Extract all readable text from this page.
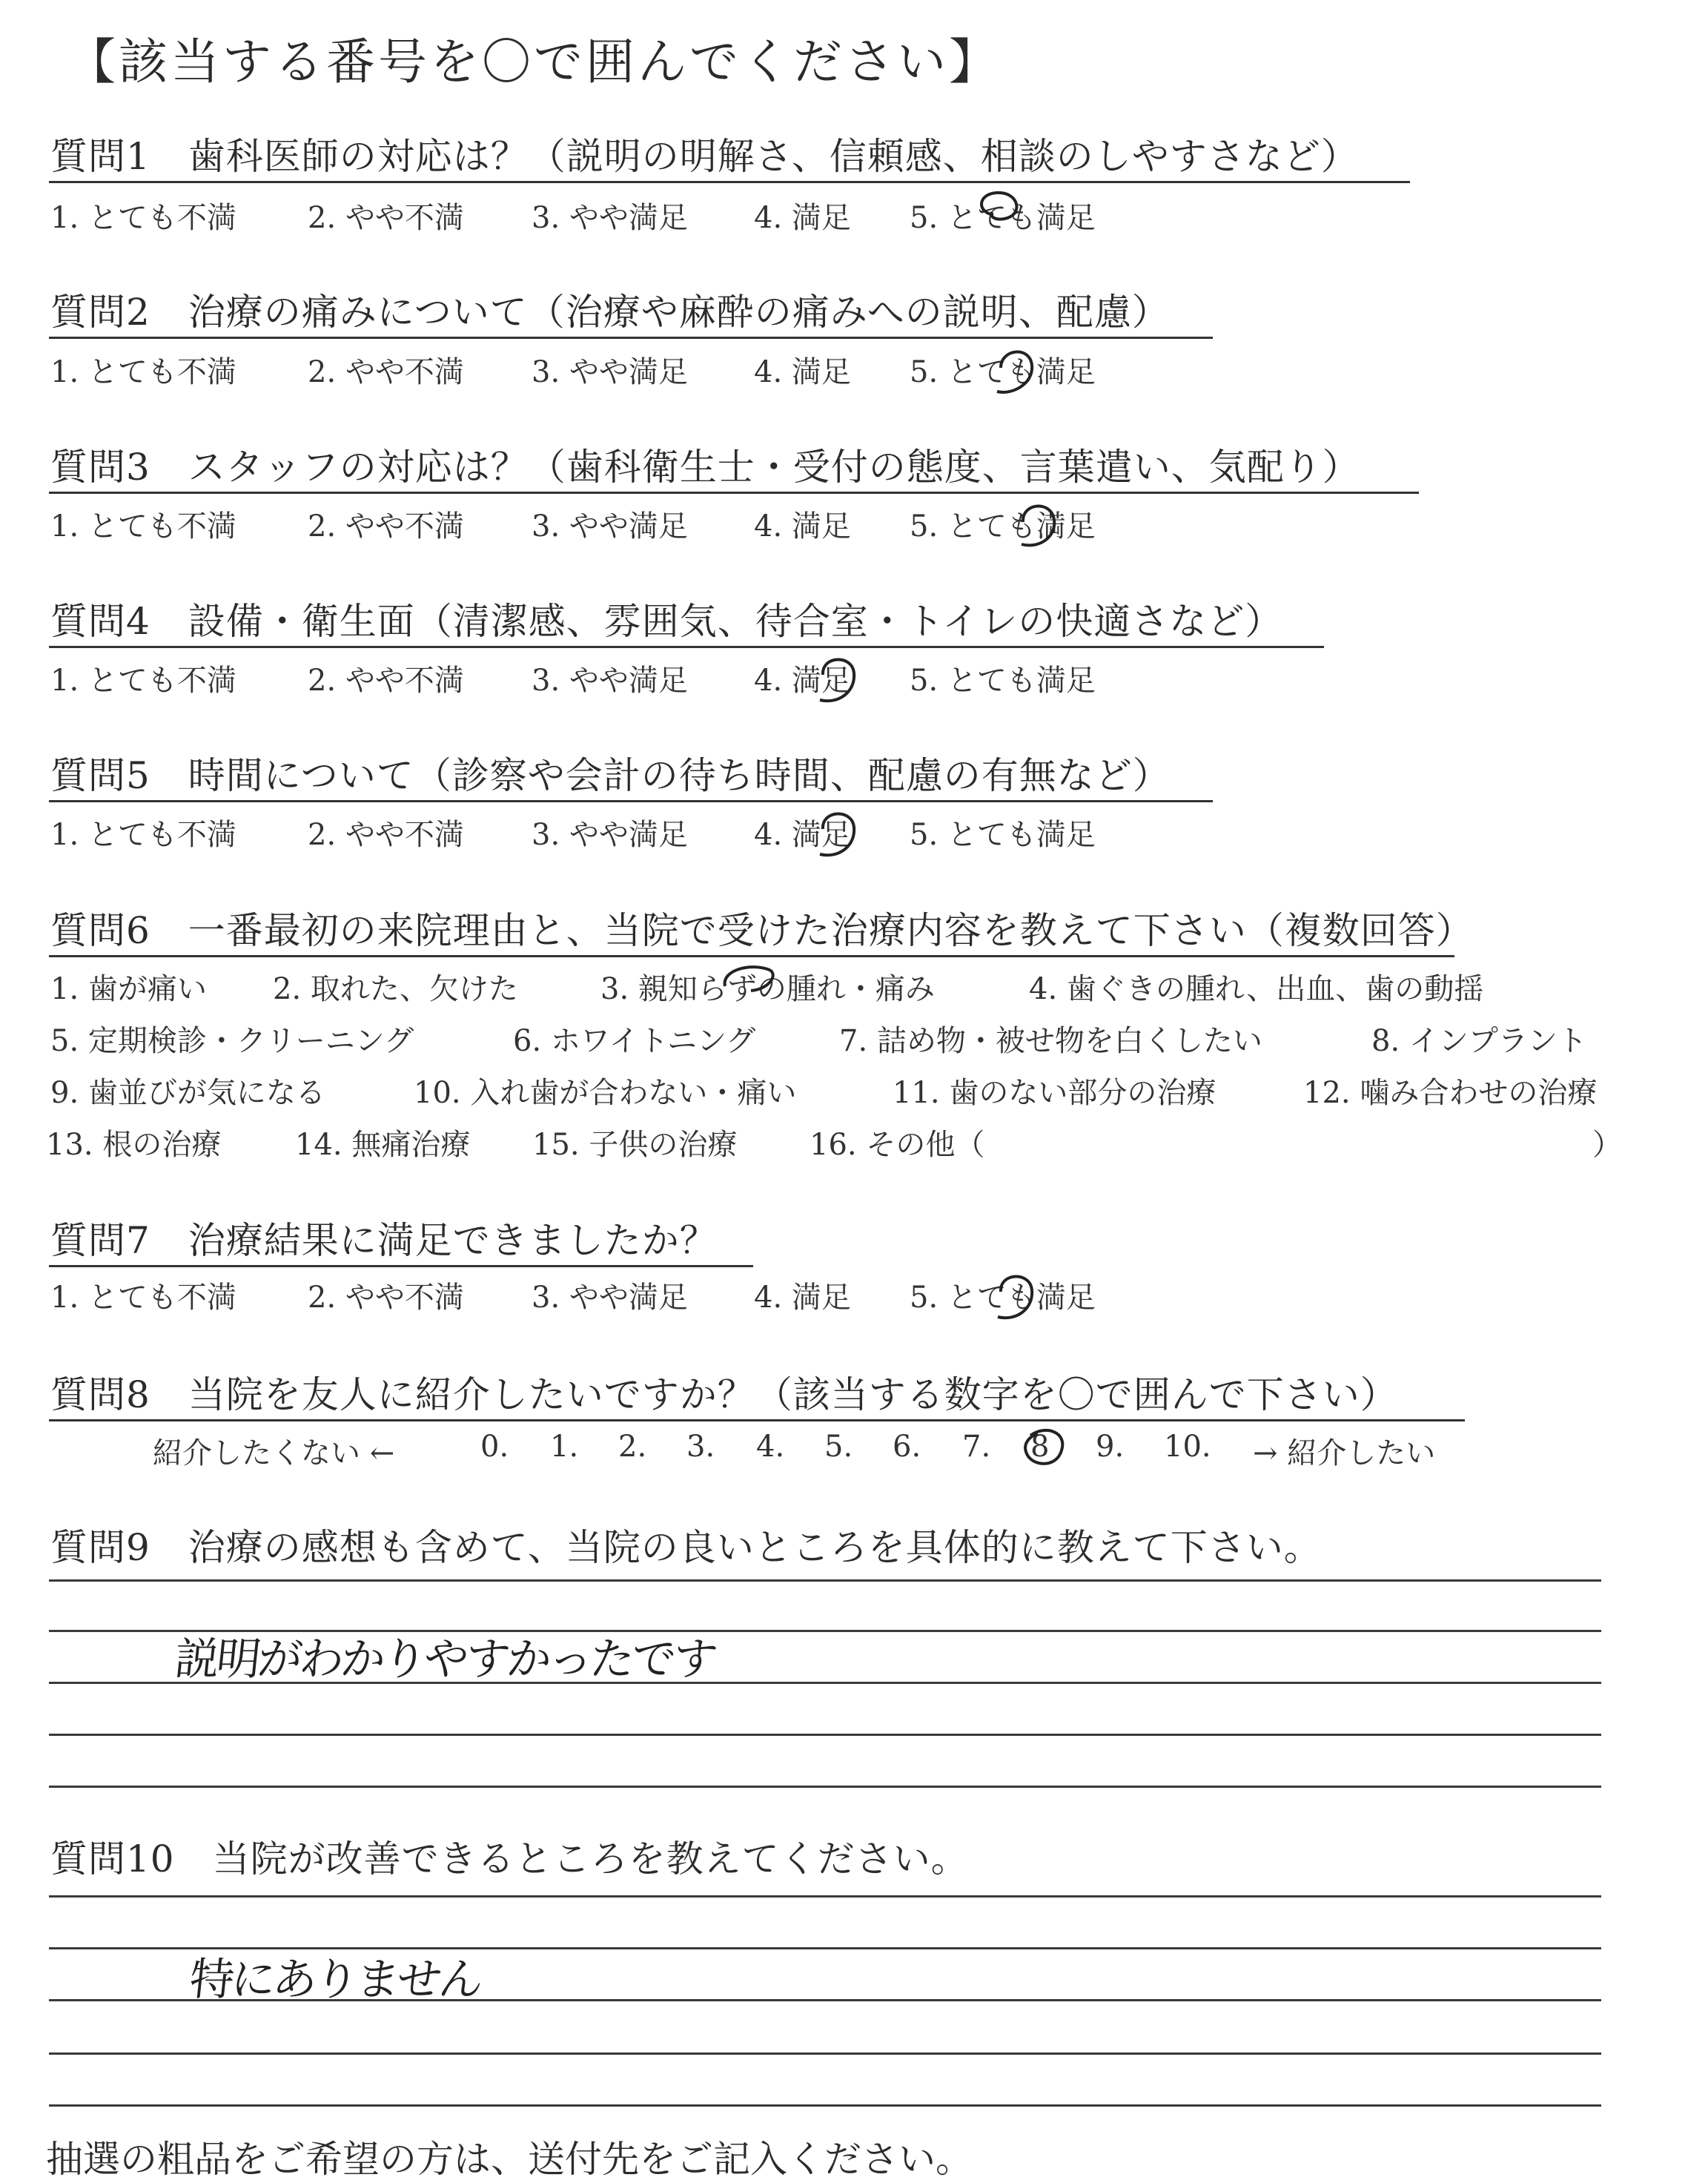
【該当する番号を〇で囲んでください】
質問1　歯科医師の対応は？（説明の明解さ、信頼感、相談のしやすさなど）
1. とても不満 2. やや不満 3. やや満足 4. 満足 5. とても満足
質問2　治療の痛みについて（治療や麻酔の痛みへの説明、配慮）
1. とても不満 2. やや不満 3. やや満足 4. 満足 5. とても満足
質問3　スタッフの対応は？（歯科衛生士・受付の態度、言葉遣い、気配り）
1. とても不満 2. やや不満 3. やや満足 4. 満足 5. とても満足
質問4　設備・衛生面（清潔感、雰囲気、待合室・トイレの快適さなど）
1. とても不満 2. やや不満 3. やや満足 4. 満足 5. とても満足
質問5　時間について（診察や会計の待ち時間、配慮の有無など）
1. とても不満 2. やや不満 3. やや満足 4. 満足 5. とても満足
質問6　一番最初の来院理由と、当院で受けた治療内容を教えて下さい（複数回答）
1. 歯が痛い 2. 取れた、欠けた	3. 親知らずの腫れ・痛み	4. 歯ぐきの腫れ、出血、歯の動揺
5. 定期検診・クリーニング	6. ホワイトニング	7. 詰め物・被せ物を白くしたい	8. インプラント
9. 歯並びが気になる	10. 入れ歯が合わない・痛い	11. 歯のない部分の治療	12. 噛み合わせの治療
13. 根の治療 14. 無痛治療 15. 子供の治療 16. その他（	）
質問7　治療結果に満足できましたか？
1. とても不満 2. やや不満 3. やや満足 4. 満足 5. とても満足
質問8　当院を友人に紹介したいですか？（該当する数字を〇で囲んで下さい）
紹介したくない ←	0. 1. 2. 3. 4. 5. 6. 7. 8 9. 10. → 紹介したい
質問9　治療の感想も含めて、当院の良いところを具体的に教えて下さい。
説明がわかりやすかったです
質問10　当院が改善できるところを教えてください。
特にありません
抽選の粗品をご希望の方は、送付先をご記入ください。
